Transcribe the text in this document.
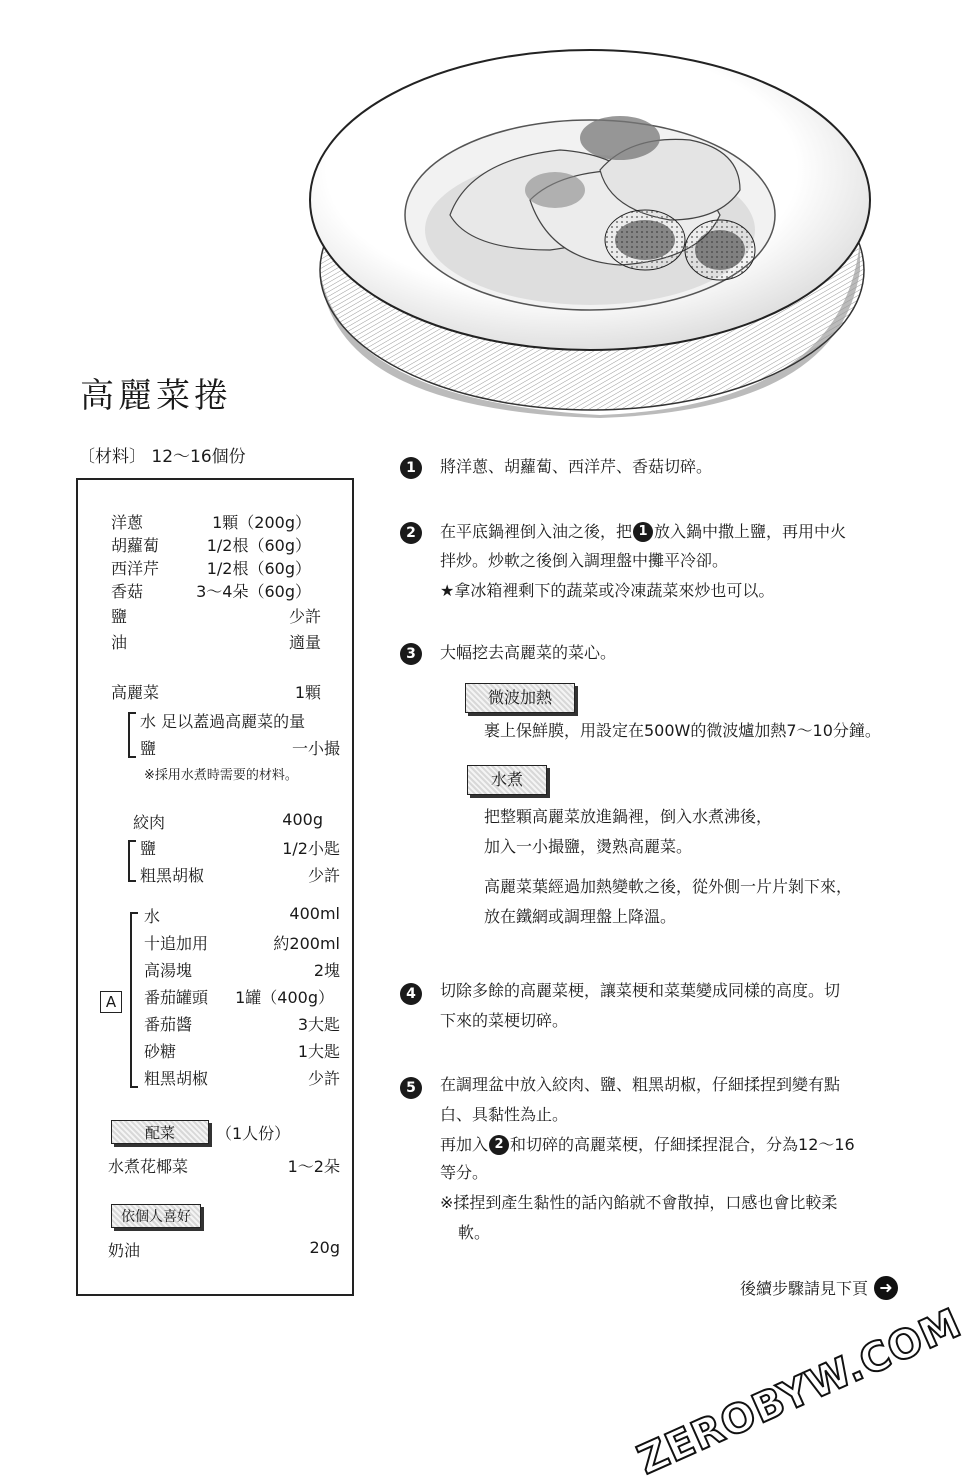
高麗菜捲
〔材料〕 12〜16個份
洋蔥	1顆（200g）
胡蘿蔔	1/2根（60g）
西洋芹	1/2根（60g）
香菇	3〜4朵（60g）
鹽	少許
油	適量
高麗菜	1顆
水 足以蓋過高麗菜的量
鹽	一小撮
※採用水煮時需要的材料。
絞肉	400g
鹽	1/2小匙
粗黑胡椒	少許
A
水	400ml
十追加用	約200ml
高湯塊	2塊
番茄罐頭 1罐（400g）
番茄醬	3大匙
砂糖	1大匙
粗黑胡椒	少許
配菜	（1人份）
水煮花椰菜	1〜2朵
依個人喜好
奶油	20g
1	將洋蔥、胡蘿蔔、西洋芹、香菇切碎。
2	在平底鍋裡倒入油之後，把 1 放入鍋中撒上鹽，再用中火
拌炒。炒軟之後倒入調理盤中攤平冷卻。
★拿冰箱裡剩下的蔬菜或冷凍蔬菜來炒也可以。
3	大幅挖去高麗菜的菜心。
微波加熱
裹上保鮮膜，用設定在500W的微波爐加熱7〜10分鐘。
水煮
把整顆高麗菜放進鍋裡，倒入水煮沸後，
加入一小撮鹽，燙熟高麗菜。
高麗菜葉經過加熱變軟之後，從外側一片片剝下來，
放在鐵網或調理盤上降溫。
4	切除多餘的高麗菜梗，讓菜梗和菜葉變成同樣的高度。切
下來的菜梗切碎。
5	在調理盆中放入絞肉、鹽、粗黑胡椒，仔細揉捏到變有點
白、具黏性為止。
再加入 2 和切碎的高麗菜梗，仔細揉捏混合，分為12〜16
等分。
※揉捏到產生黏性的話內餡就不會散掉，口感也會比較柔
軟。
後續步驟請見下頁 ➜
ZEROBYW.COM
